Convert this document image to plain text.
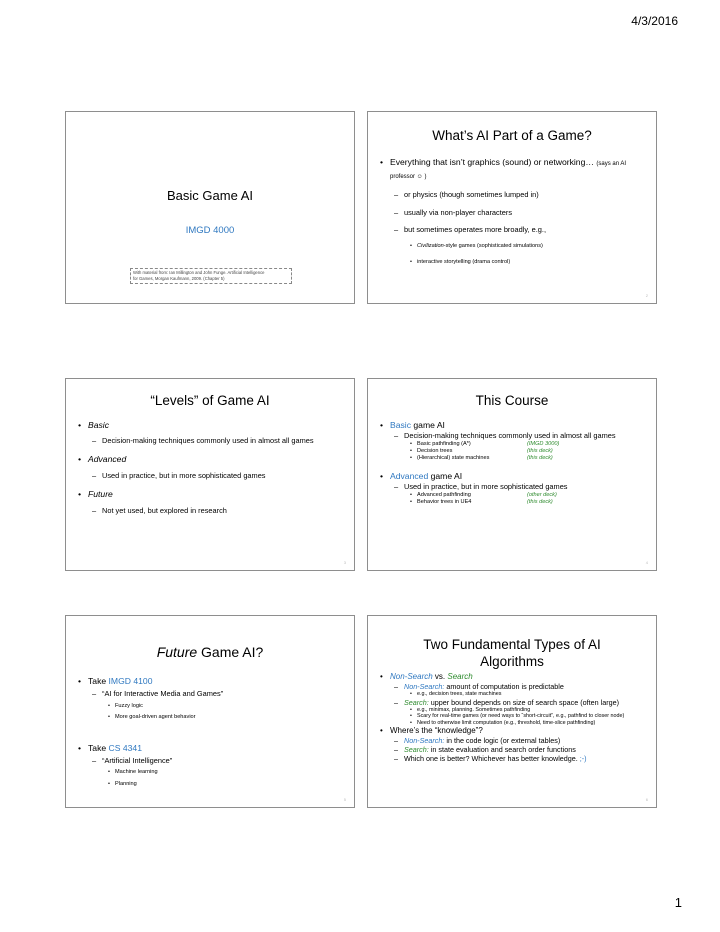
4/3/2016
Basic Game AI
IMGD 4000
With material from: Ian Millington and John Funge. Artificial Intelligence
for Games, Morgan Kaufmann, 2009. (Chapter 5)
What’s AI Part of a Game?
• Everything that isn’t graphics (sound) or networking… (says an AI professor ☺ )
– or physics (though sometimes lumped in)
– usually via non-player characters
– but sometimes operates more broadly, e.g.,
• Civilization-style games (sophisticated simulations)
• interactive storytelling (drama control)
2
“Levels” of Game AI
• Basic
– Decision-making techniques commonly used in almost all games
• Advanced
– Used in practice, but in more sophisticated games
• Future
– Not yet used, but explored in research
3
This Course
• Basic game AI
– Decision-making techniques commonly used in almost all games
• Basic pathfinding (A*)	(IMGD 3000)
• Decision trees	(this deck)
• (Hierarchical) state machines	(this deck)
• Advanced game AI
– Used in practice, but in more sophisticated games
• Advanced pathfinding	(other deck)
• Behavior trees in UE4	(this deck)
4
Future Game AI?
• Take IMGD 4100
– “AI for Interactive Media and Games”
• Fuzzy logic
• More goal-driven agent behavior
• Take CS 4341
– “Artificial Intelligence”
• Machine learning
• Planning
5
Two Fundamental Types of AI
Algorithms
• Non-Search vs. Search
– Non-Search: amount of computation is predictable
• e.g., decision trees, state machines
– Search: upper bound depends on size of search space (often large)
• e.g., minimax, planning. Sometimes pathfinding
• Scary for real-time games (or need ways to “short-circuit”, e.g., pathfind to closer node)
• Need to otherwise limit computation (e.g., threshold, time-slice pathfinding)
• Where’s the “knowledge”?
– Non-Search: in the code logic (or external tables)
– Search: in state evaluation and search order functions
– Which one is better? Whichever has better knowledge. ;-)
6
1
